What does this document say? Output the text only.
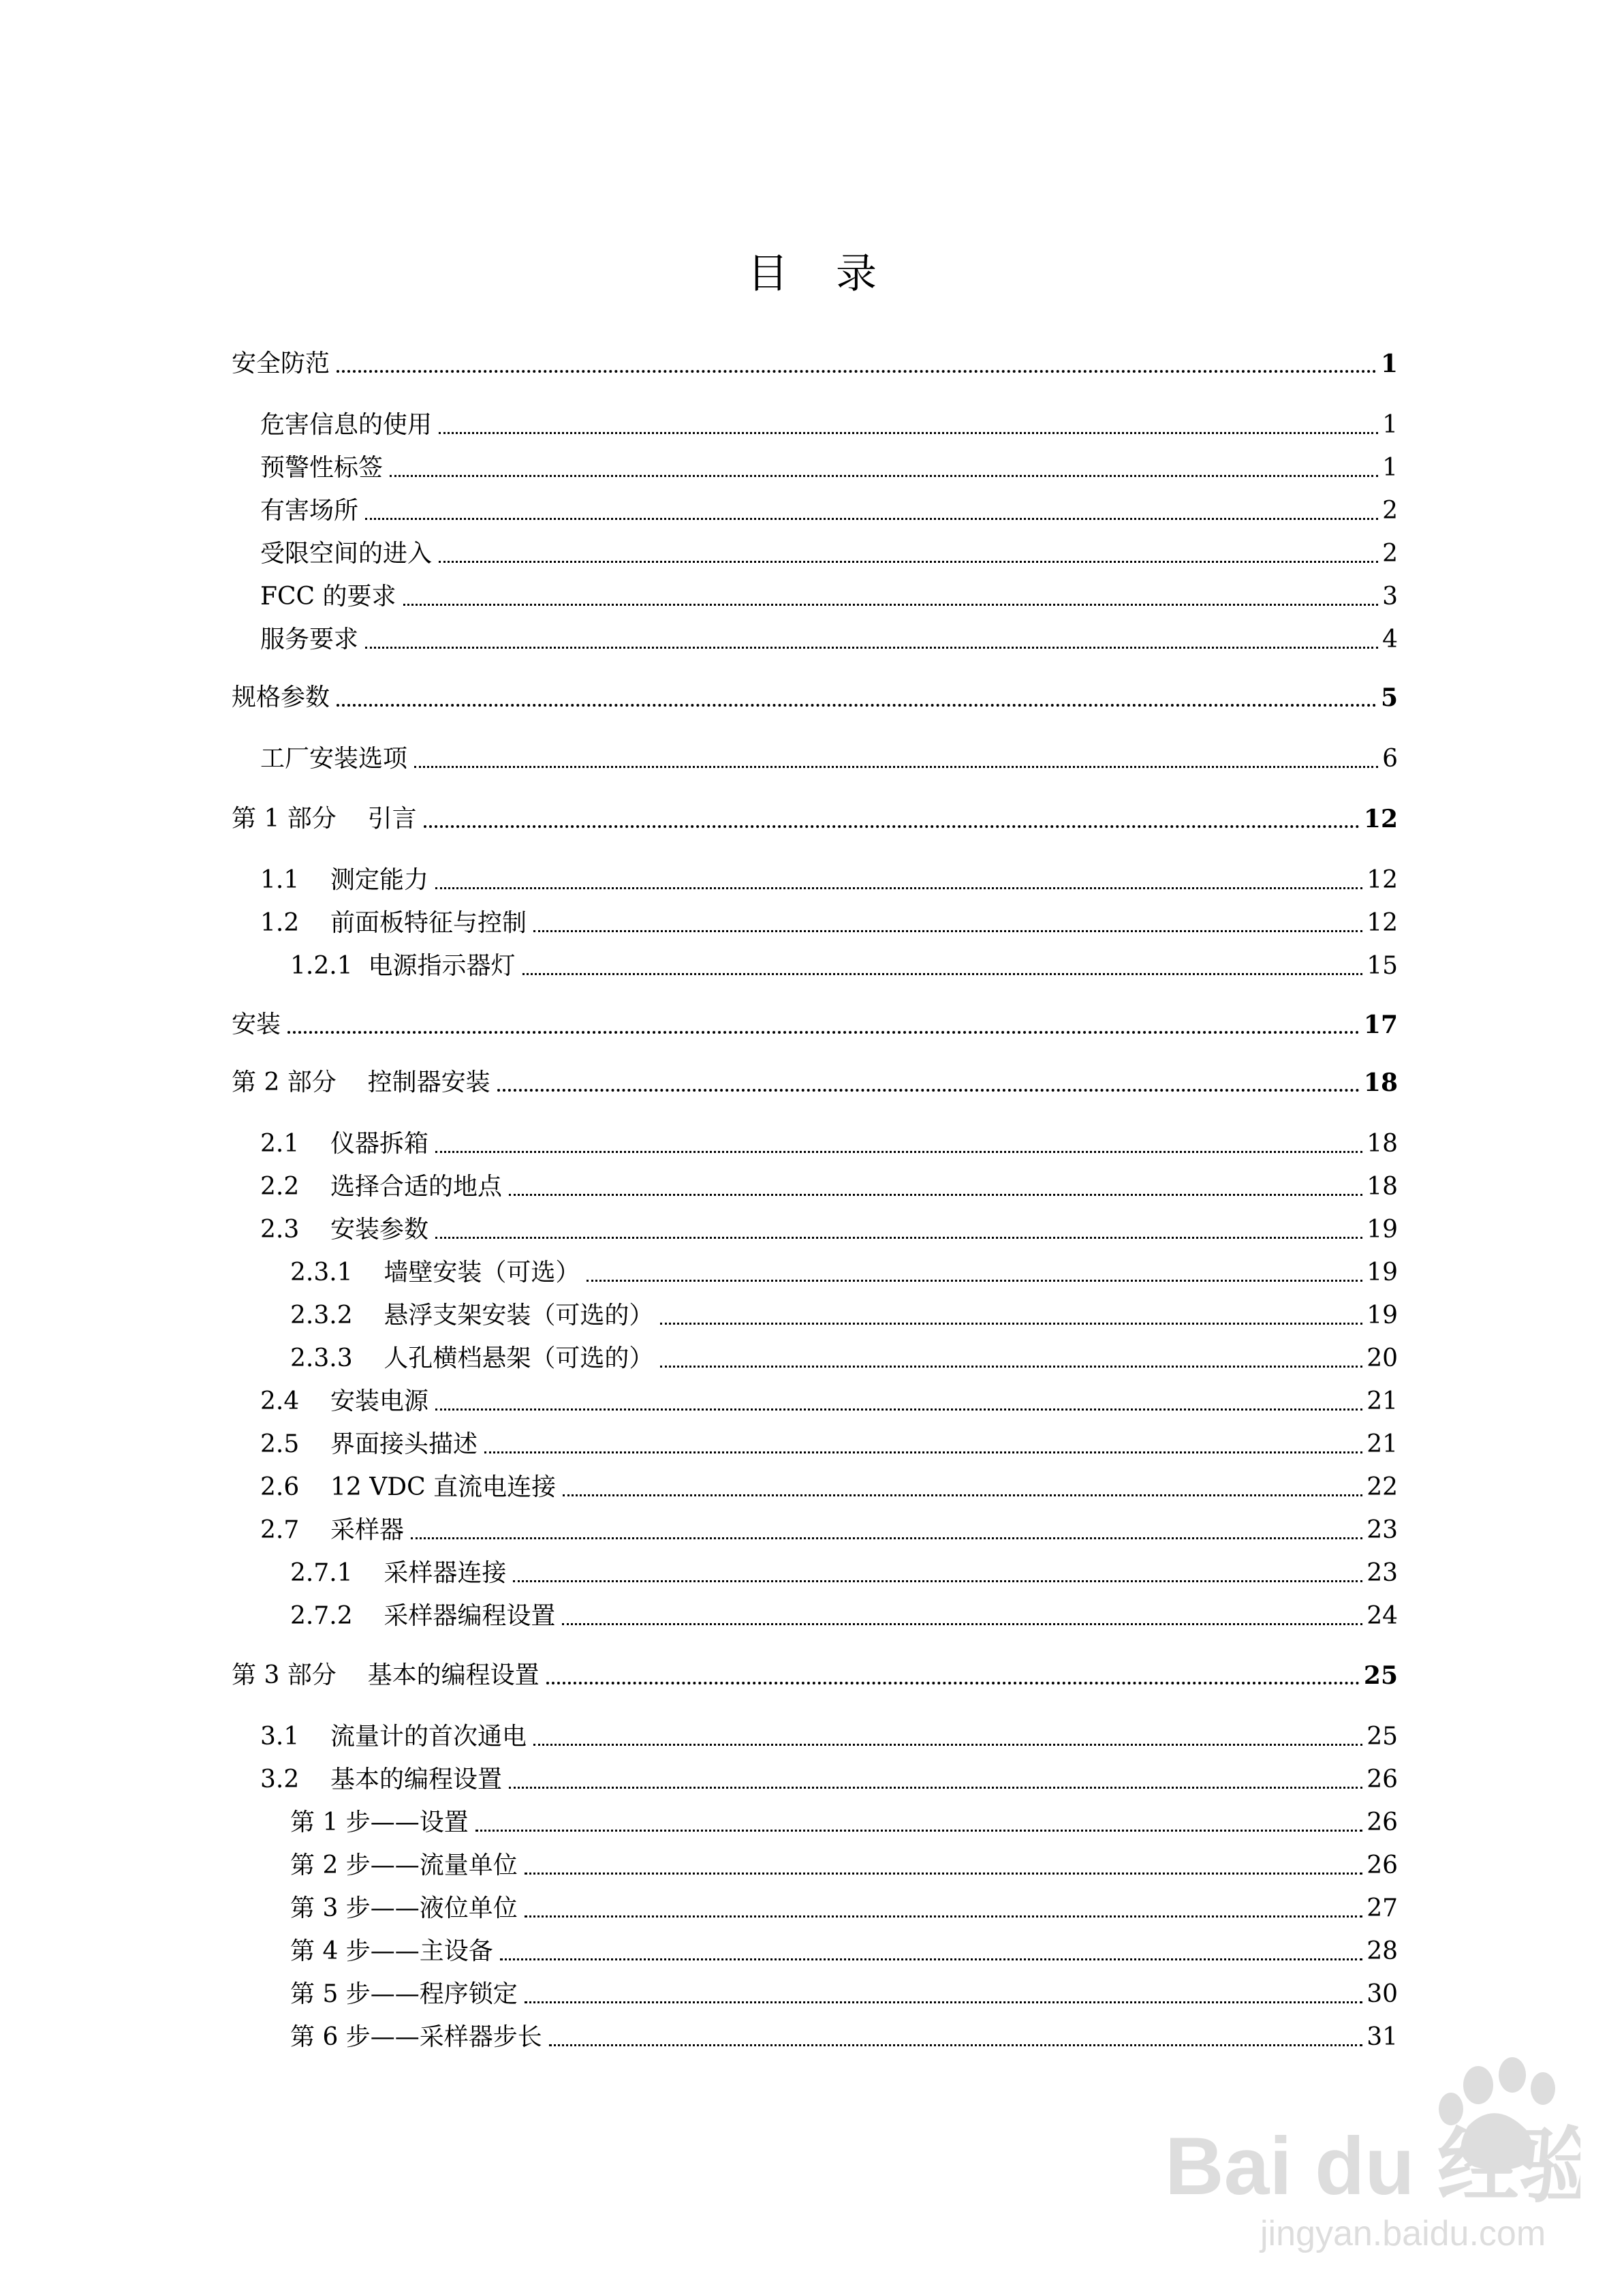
目 录
安全防范	1
危害信息的使用	1
预警性标签	1
有害场所	2
受限空间的进入	2
FCC 的要求	3
服务要求	4
规格参数	5
工厂安装选项	6
第 1 部分    引言	12
1.1    测定能力	12
1.2    前面板特征与控制	12
1.2.1  电源指示器灯	15
安装	17
第 2 部分    控制器安装	18
2.1    仪器拆箱	18
2.2    选择合适的地点	18
2.3    安装参数	19
2.3.1    墙壁安装（可选）	19
2.3.2    悬浮支架安装（可选的）	19
2.3.3    人孔横档悬架（可选的）	20
2.4    安装电源	21
2.5    界面接头描述	21
2.6    12 VDC 直流电连接	22
2.7    采样器	23
2.7.1    采样器连接	23
2.7.2    采样器编程设置	24
第 3 部分    基本的编程设置	25
3.1    流量计的首次通电	25
3.2    基本的编程设置	26
第 1 步——设置	26
第 2 步——流量单位	26
第 3 步——液位单位	27
第 4 步——主设备	28
第 5 步——程序锁定	30
第 6 步——采样器步长	31
Bai du 经验
jingyan.baidu.com
